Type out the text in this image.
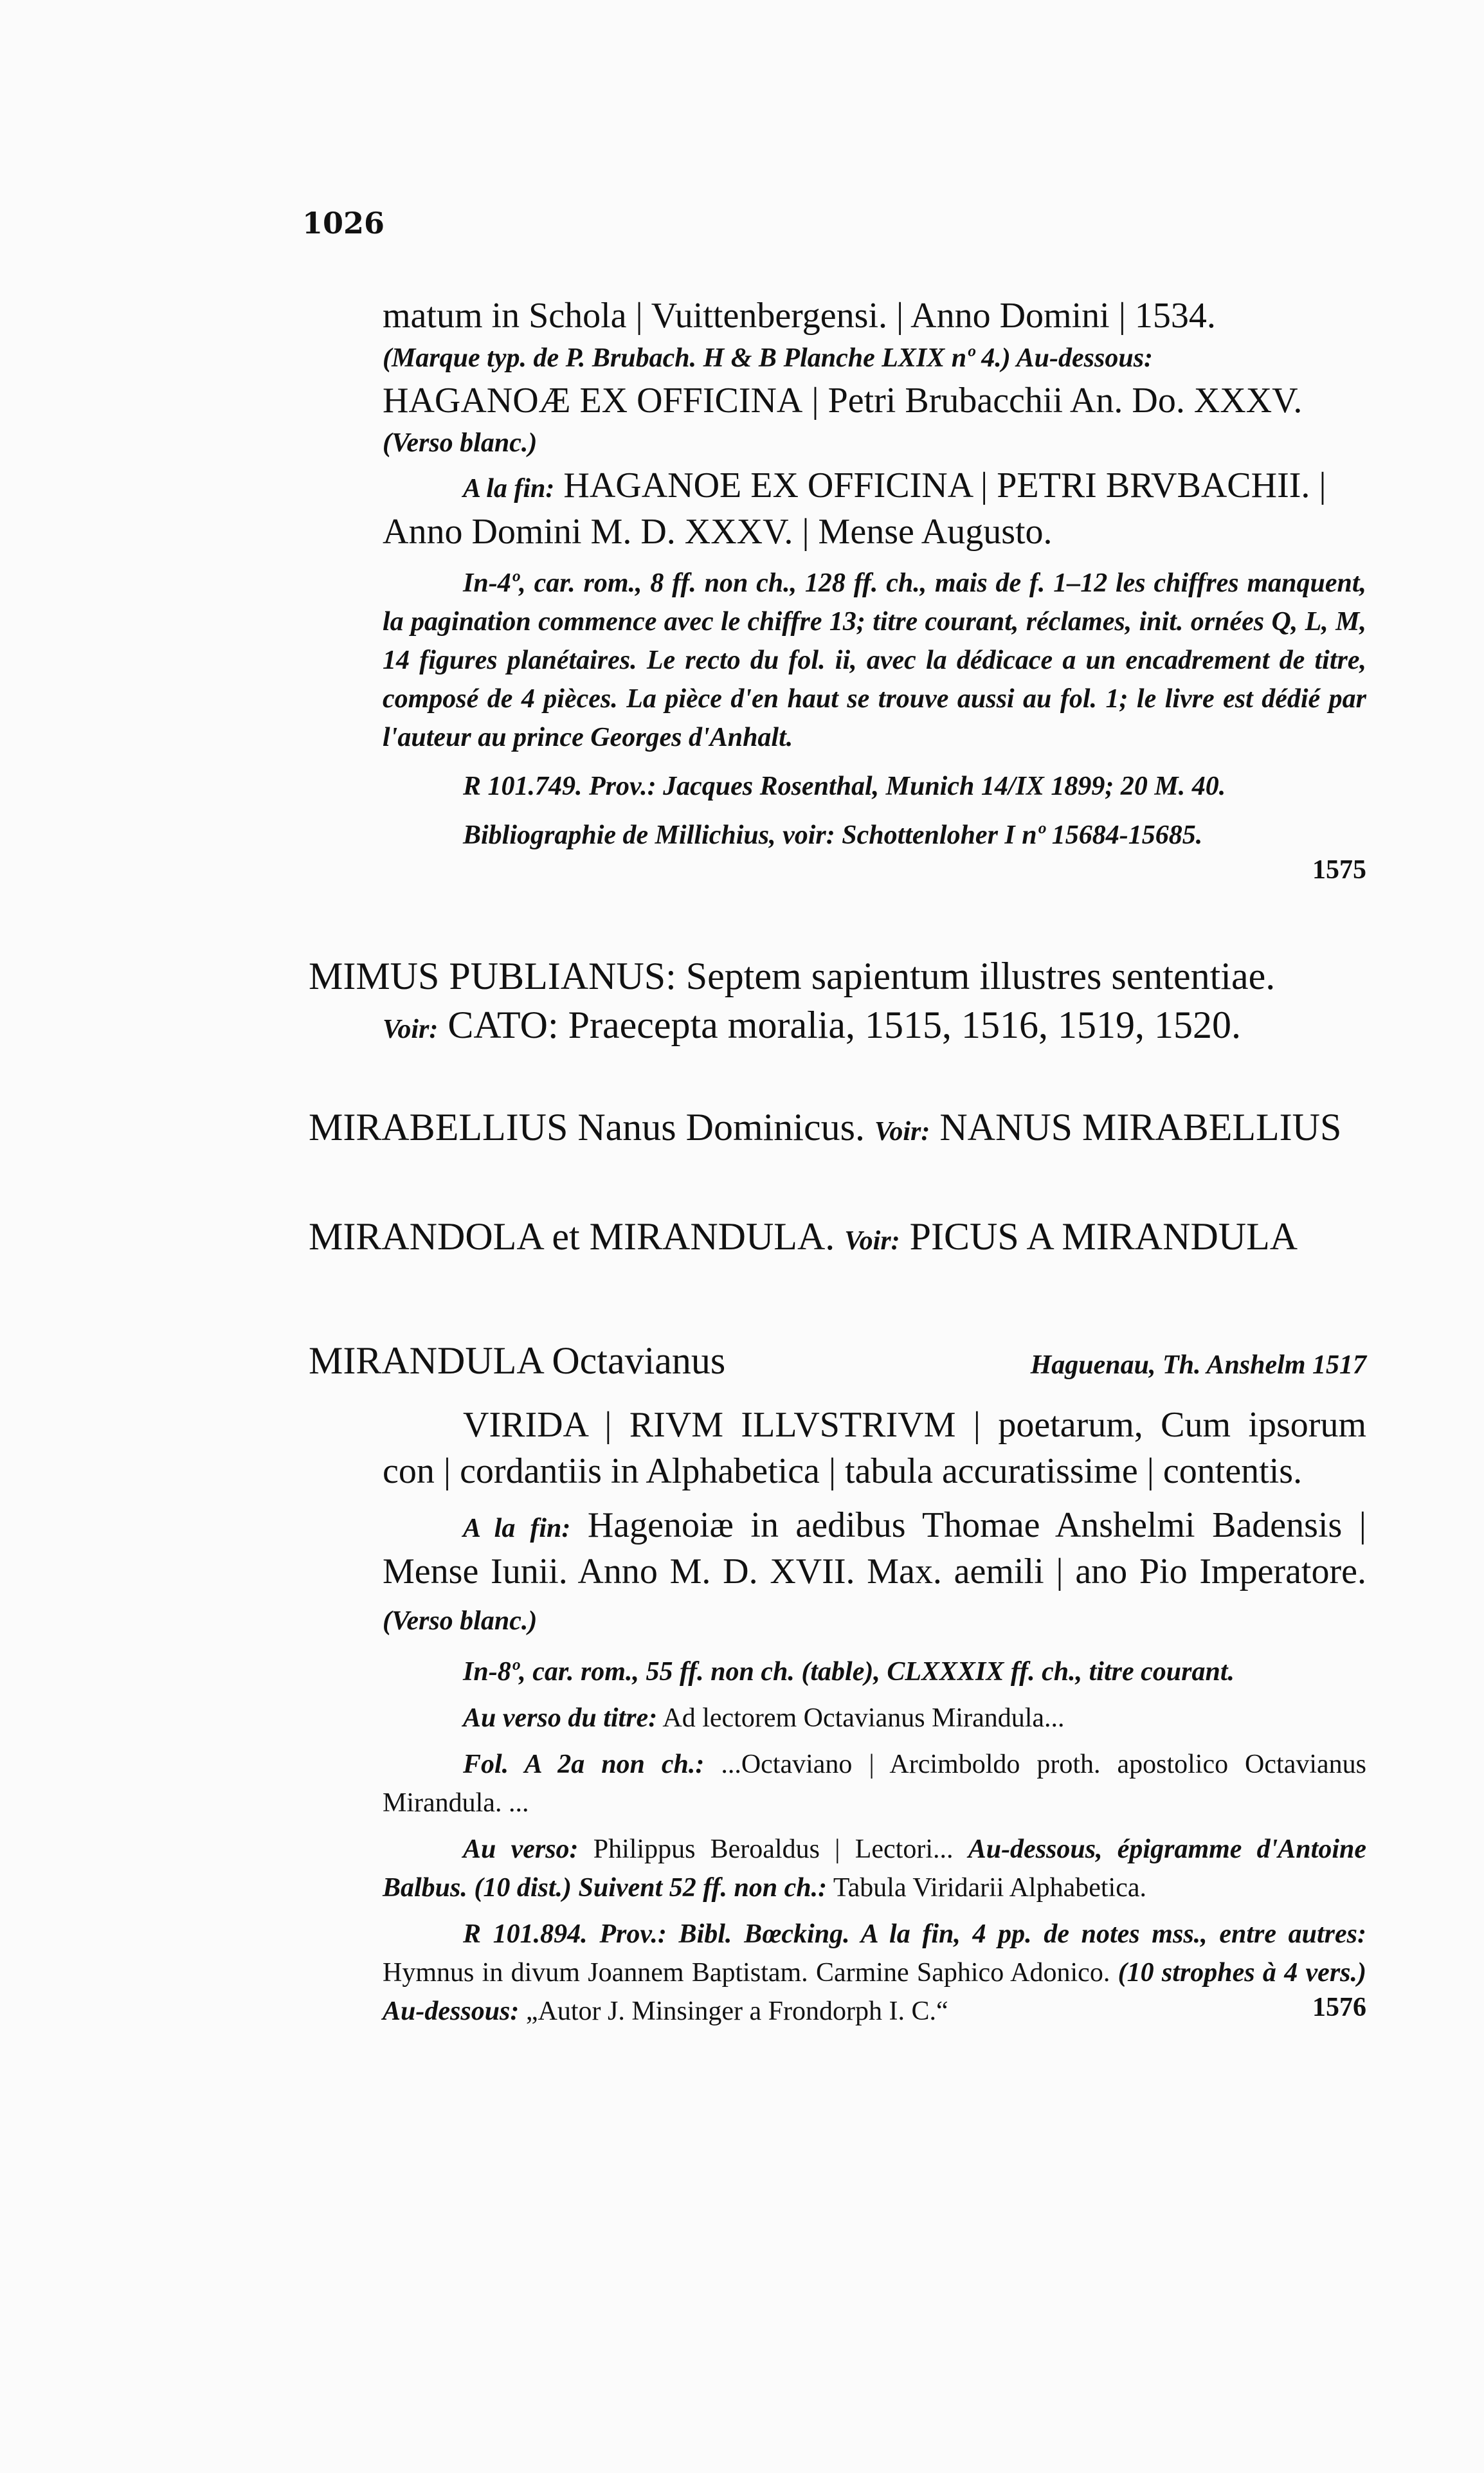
1026

matum in Schola | Vuittenbergensi. | Anno Domini | 1534.

(Marque typ. de P. Brubach. H & B Planche LXIX nº 4.) Au-dessous:

HAGANOÆ EX OFFICINA | Petri Brubacchii An. Do. XXXV.

(Verso blanc.)

A la fin: HAGANOE EX OFFICINA | PETRI BRVBACHII. |

Anno Domini M. D. XXXV. | Mense Augusto.

In-4º, car. rom., 8 ff. non ch., 128 ff. ch., mais de f. 1–12 les chiffres manquent, la pagination commence avec le chiffre 13; titre courant, réclames, init. ornées Q, L, M, 14 figures planétaires. Le recto du fol. ii, avec la dédicace a un encadrement de titre, composé de 4 pièces. La pièce d'en haut se trouve aussi au fol. 1; le livre est dédié par l'auteur au prince Georges d'Anhalt.

R 101.749. Prov.: Jacques Rosenthal, Munich 14/IX 1899; 20 M. 40.

Bibliographie de Millichius, voir: Schottenloher I nº 15684-15685.

1575

MIMUS PUBLIANUS: Septem sapientum illustres sententiae.

Voir: CATO: Praecepta moralia, 1515, 1516, 1519, 1520.

MIRABELLIUS Nanus Dominicus. Voir: NANUS MIRABELLIUS

MIRANDOLA et MIRANDULA. Voir: PICUS A MIRANDULA

MIRANDULA Octavianus	Haguenau, Th. Anshelm 1517

VIRIDA | RIVM ILLVSTRIVM | poetarum, Cum ipsorum con | cordantiis in Alphabetica | tabula accuratissime | contentis.

A la fin: Hagenoiæ in aedibus Thomae Anshelmi Badensis | Mense Iunii. Anno M. D. XVII. Max. aemili | ano Pio Imperatore. (Verso blanc.)

In-8º, car. rom., 55 ff. non ch. (table), CLXXXIX ff. ch., titre courant.

Au verso du titre: Ad lectorem Octavianus Mirandula...

Fol. A 2a non ch.: ...Octaviano | Arcimboldo proth. apostolico Octavianus Mirandula. ...

Au verso: Philippus Beroaldus | Lectori... Au-dessous, épigramme d'Antoine Balbus. (10 dist.) Suivent 52 ff. non ch.: Tabula Viridarii Alphabetica.

R 101.894. Prov.: Bibl. Bœcking. A la fin, 4 pp. de notes mss., entre autres: Hymnus in divum Joannem Baptistam. Carmine Saphico Adonico. (10 strophes à 4 vers.) Au-dessous: „Autor J. Minsinger a Frondorph I. C.“	1576
